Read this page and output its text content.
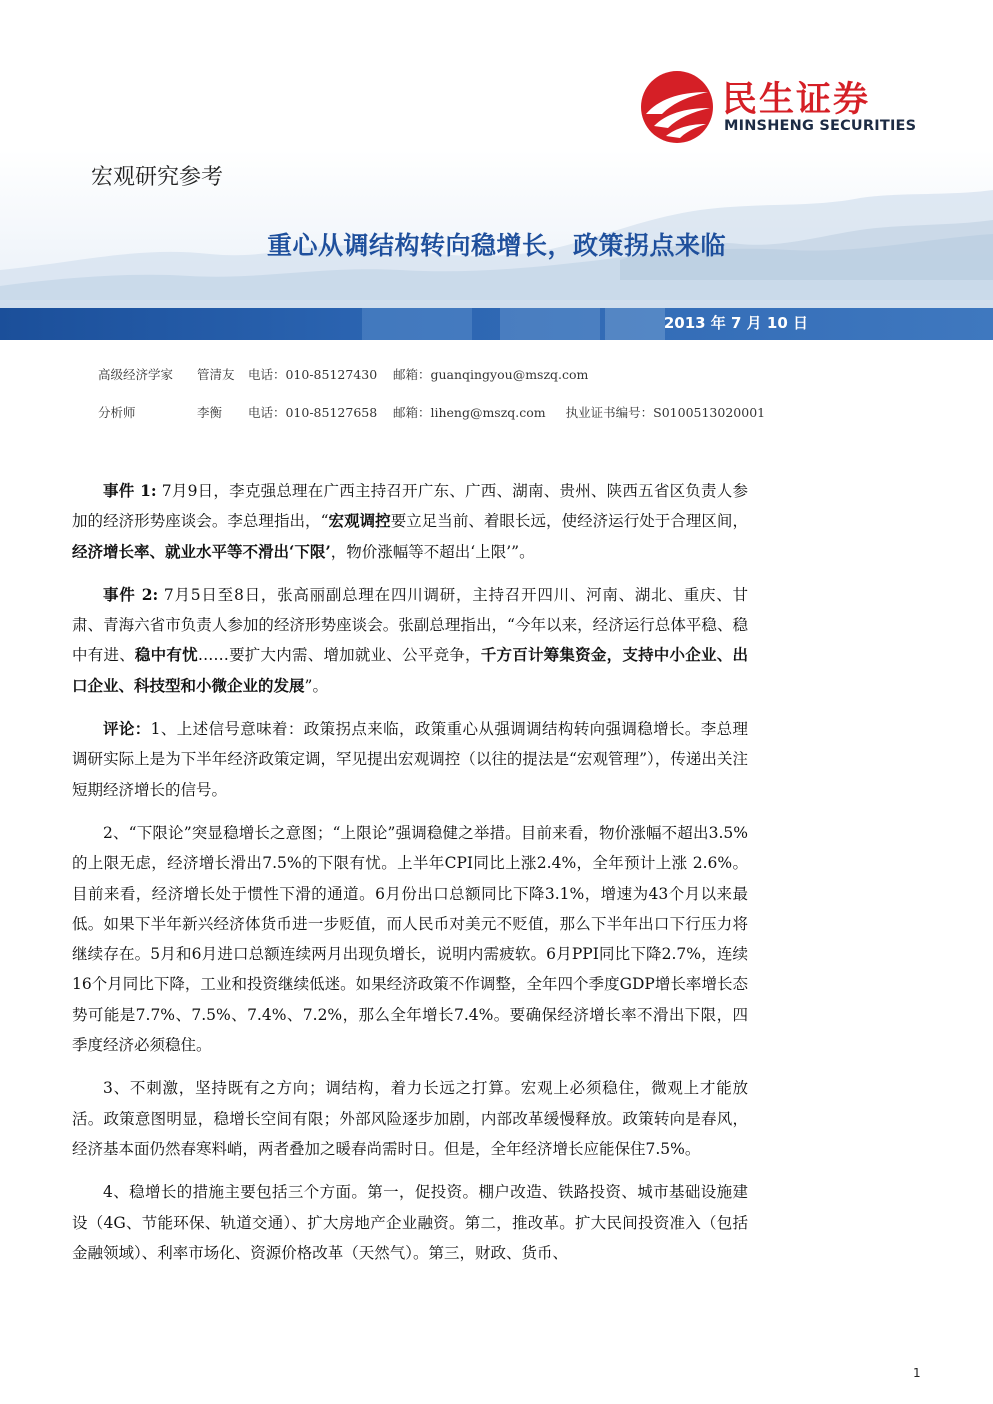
民生证券
MINSHENG SECURITIES
宏观研究参考
重心从调结构转向稳增长，政策拐点来临
2013 年 7 月 10 日
高级经济学家 管清友 电话：010-85127430 邮箱：guanqingyou@mszq.com
分析师	李衡 电话：010-85127658 邮箱：liheng@mszq.com 执业证书编号：S0100513020001

事件 1: 7月9日，李克强总理在广西主持召开广东、广西、湖南、贵州、陕西五省区负责人参加的经济形势座谈会。李总理指出，“宏观调控要立足当前、着眼长远，使经济运行处于合理区间，经济增长率、就业水平等不滑出‘下限’，物价涨幅等不超出‘上限’”。

事件 2: 7月5日至8日，张高丽副总理在四川调研，主持召开四川、河南、湖北、重庆、甘肃、青海六省市负责人参加的经济形势座谈会。张副总理指出，“今年以来，经济运行总体平稳、稳中有进、稳中有忧……要扩大内需、增加就业、公平竞争，千方百计筹集资金，支持中小企业、出口企业、科技型和小微企业的发展”。

评论：1、上述信号意味着：政策拐点来临，政策重心从强调调结构转向强调稳增长。李总理调研实际上是为下半年经济政策定调，罕见提出宏观调控（以往的提法是“宏观管理”），传递出关注短期经济增长的信号。

2、“下限论”突显稳增长之意图；“上限论”强调稳健之举措。目前来看，物价涨幅不超出3.5%的上限无虑，经济增长滑出7.5%的下限有忧。上半年CPI同比上涨2.4%，全年预计上涨 2.6%。目前来看，经济增长处于惯性下滑的通道。6月份出口总额同比下降3.1%，增速为43个月以来最低。如果下半年新兴经济体货币进一步贬值，而人民币对美元不贬值，那么下半年出口下行压力将继续存在。5月和6月进口总额连续两月出现负增长，说明内需疲软。6月PPI同比下降2.7%，连续16个月同比下降，工业和投资继续低迷。如果经济政策不作调整，全年四个季度GDP增长率增长态势可能是7.7%、7.5%、7.4%、7.2%，那么全年增长7.4%。要确保经济增长率不滑出下限，四季度经济必须稳住。

3、不刺激，坚持既有之方向；调结构，着力长远之打算。宏观上必须稳住，微观上才能放活。政策意图明显，稳增长空间有限；外部风险逐步加剧，内部改革缓慢释放。政策转向是春风，经济基本面仍然春寒料峭，两者叠加之暖春尚需时日。但是，全年经济增长应能保住7.5%。

4、稳增长的措施主要包括三个方面。第一，促投资。棚户改造、铁路投资、城市基础设施建设（4G、节能环保、轨道交通）、扩大房地产企业融资。第二，推改革。扩大民间投资准入（包括金融领域）、利率市场化、资源价格改革（天然气）。第三，财政、货币、

1
